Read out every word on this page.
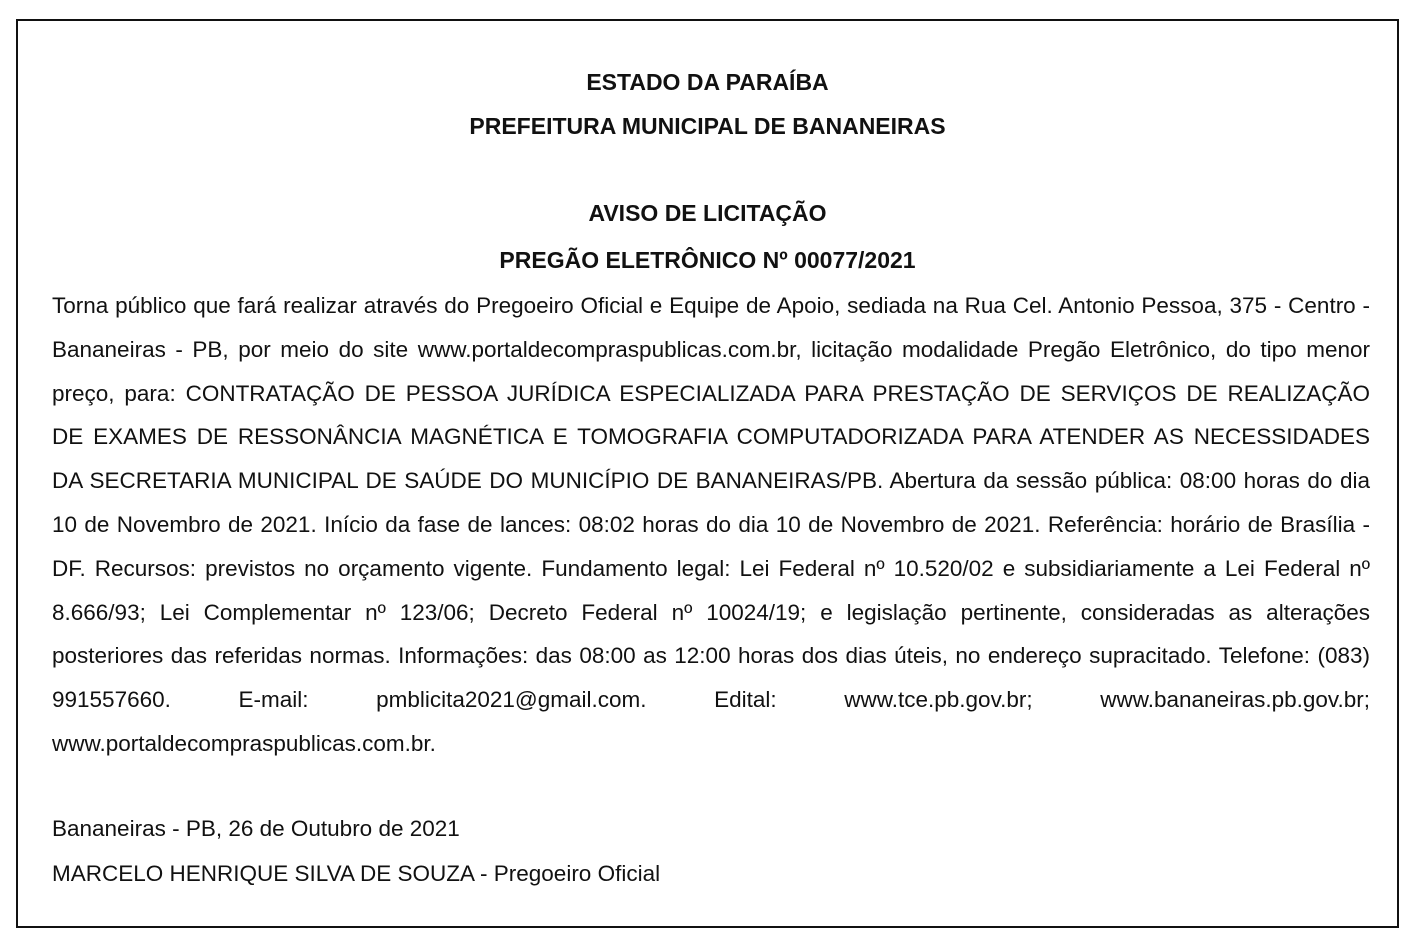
ESTADO DA PARAÍBA
PREFEITURA MUNICIPAL DE BANANEIRAS
AVISO DE LICITAÇÃO
PREGÃO ELETRÔNICO Nº 00077/2021

Torna público que fará realizar através do Pregoeiro Oficial e Equipe de Apoio, sediada na Rua Cel. Antonio Pessoa, 375 - Centro - Bananeiras - PB, por meio do site www.portaldecompraspublicas.com.br, licitação modalidade Pregão Eletrônico, do tipo menor preço, para: CONTRATAÇÃO DE PESSOA JURÍDICA ESPECIALIZADA PARA PRESTAÇÃO DE SERVIÇOS DE REALIZAÇÃO DE EXAMES DE RESSONÂNCIA MAGNÉTICA E TOMOGRAFIA COMPUTADORIZADA PARA ATENDER AS NECESSIDADES DA SECRETARIA MUNICIPAL DE SAÚDE DO MUNICÍPIO DE BANANEIRAS/PB. Abertura da sessão pública: 08:00 horas do dia 10 de Novembro de 2021. Início da fase de lances: 08:02 horas do dia 10 de Novembro de 2021. Referência: horário de Brasília - DF. Recursos: previstos no orçamento vigente. Fundamento legal: Lei Federal nº 10.520/02 e subsidiariamente a Lei Federal nº 8.666/93; Lei Complementar nº 123/06; Decreto Federal nº 10024/19; e legislação pertinente, consideradas as alterações posteriores das referidas normas. Informações: das 08:00 as 12:00 horas dos dias úteis, no endereço supracitado. Telefone: (083) 991557660. E-mail: pmblicita2021@gmail.com. Edital: www.tce.pb.gov.br; www.bananeiras.pb.gov.br; www.portaldecompraspublicas.com.br.

Bananeiras - PB, 26 de Outubro de 2021

MARCELO HENRIQUE SILVA DE SOUZA - Pregoeiro Oficial
